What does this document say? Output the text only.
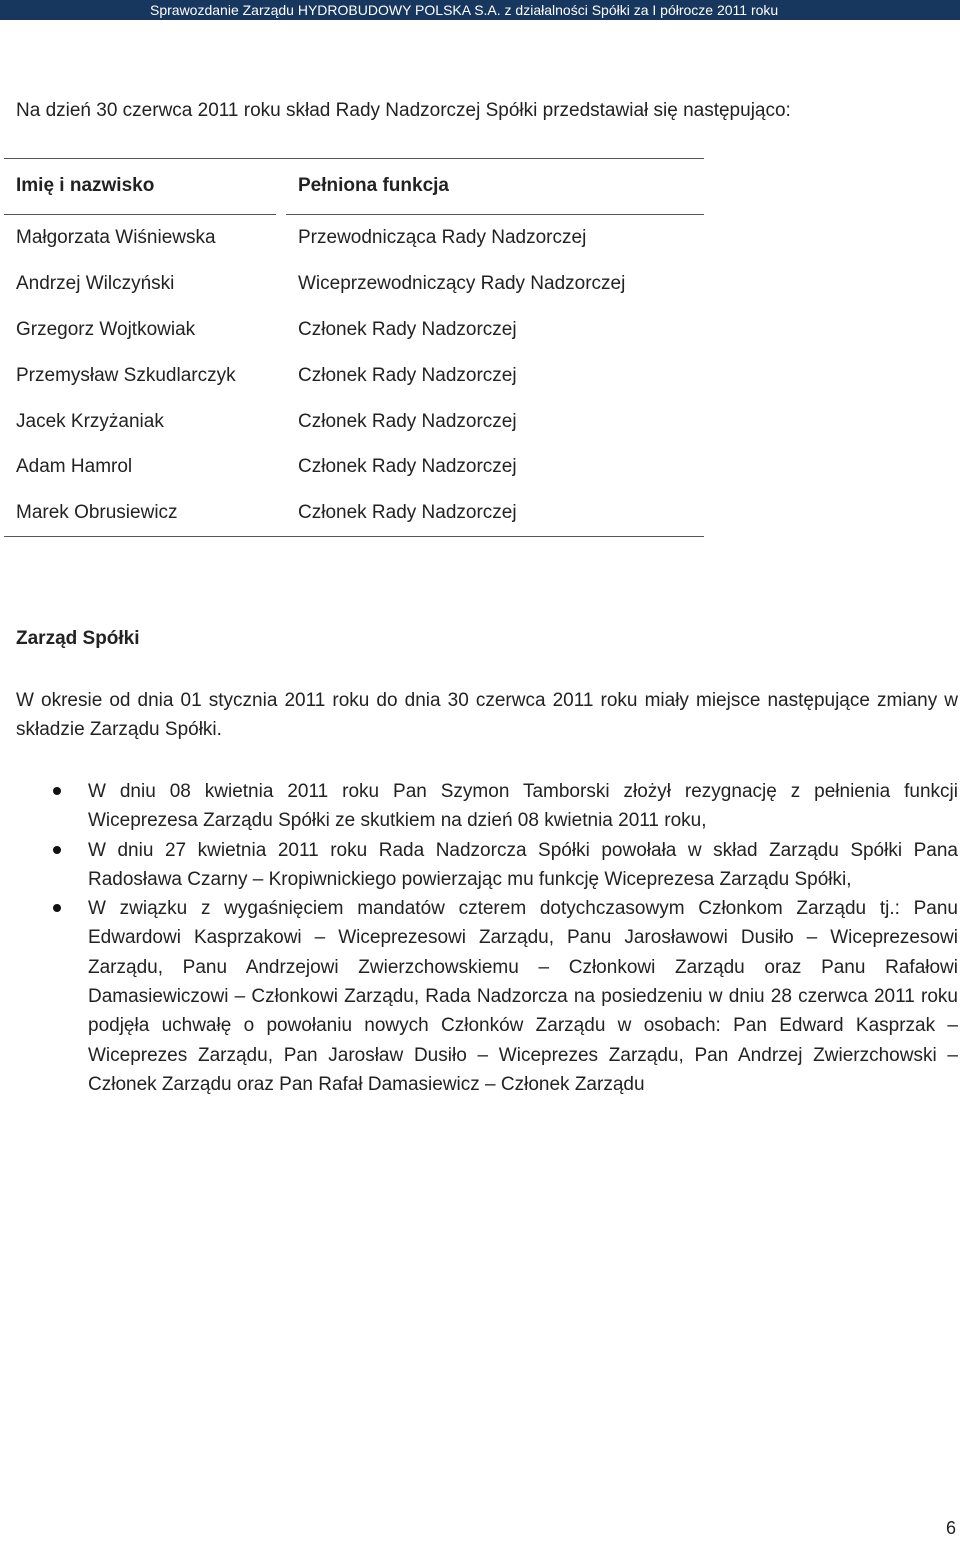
Sprawozdanie Zarządu HYDROBUDOWY POLSKA S.A. z działalności Spółki za I półrocze 2011 roku
Na dzień 30 czerwca 2011 roku skład Rady Nadzorczej Spółki przedstawiał się następująco:
Imię i nazwisko	Pełniona funkcja
Małgorzata Wiśniewska	Przewodnicząca Rady Nadzorczej
Andrzej Wilczyński	Wiceprzewodniczący Rady Nadzorczej
Grzegorz Wojtkowiak	Członek Rady Nadzorczej
Przemysław Szkudlarczyk	Członek Rady Nadzorczej
Jacek Krzyżaniak	Członek Rady Nadzorczej
Adam Hamrol	Członek Rady Nadzorczej
Marek Obrusiewicz	Członek Rady Nadzorczej
Zarząd Spółki
W okresie od dnia 01 stycznia 2011 roku do dnia 30 czerwca 2011 roku miały miejsce następujące zmiany w składzie Zarządu Spółki.
W dniu 08 kwietnia 2011 roku Pan Szymon Tamborski złożył rezygnację z pełnienia funkcji Wiceprezesa Zarządu Spółki ze skutkiem na dzień 08 kwietnia 2011 roku,
W dniu 27 kwietnia 2011 roku Rada Nadzorcza Spółki powołała w skład Zarządu Spółki Pana Radosława Czarny – Kropiwnickiego powierzając mu funkcję Wiceprezesa Zarządu Spółki,
W związku z wygaśnięciem mandatów czterem dotychczasowym Członkom Zarządu tj.: Panu Edwardowi Kasprzakowi – Wiceprezesowi Zarządu, Panu Jarosławowi Dusiło – Wiceprezesowi Zarządu, Panu Andrzejowi Zwierzchowskiemu – Członkowi Zarządu oraz Panu Rafałowi Damasiewiczowi – Członkowi Zarządu, Rada Nadzorcza na posiedzeniu w dniu 28 czerwca 2011 roku podjęła uchwałę o powołaniu nowych Członków Zarządu w osobach: Pan Edward Kasprzak – Wiceprezes Zarządu, Pan Jarosław Dusiło – Wiceprezes Zarządu, Pan Andrzej Zwierzchowski – Członek Zarządu oraz Pan Rafał Damasiewicz – Członek Zarządu
6
